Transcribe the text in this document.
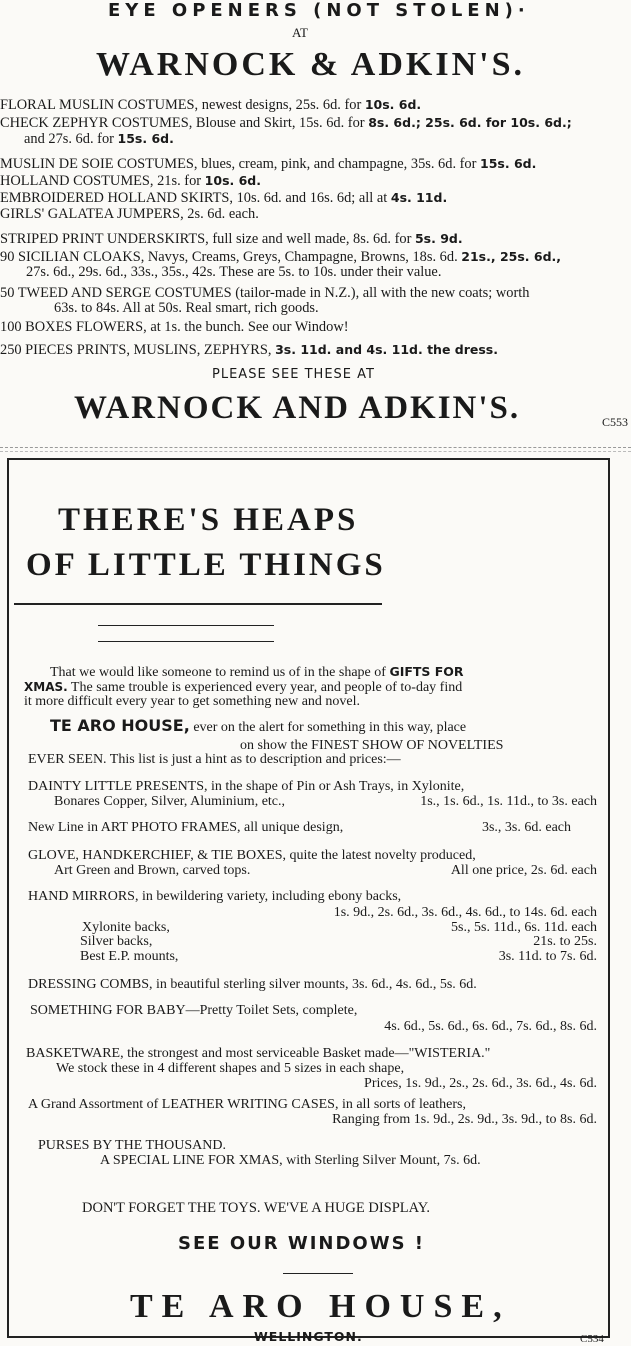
EYE OPENERS (NOT STOLEN)·
AT
WARNOCK & ADKIN'S.
FLORAL MUSLIN COSTUMES, newest designs, 25s. 6d. for 10s. 6d.
CHECK ZEPHYR COSTUMES, Blouse and Skirt, 15s. 6d. for 8s. 6d.; 25s. 6d. for 10s. 6d.;
and 27s. 6d. for 15s. 6d.
MUSLIN DE SOIE COSTUMES, blues, cream, pink, and champagne, 35s. 6d. for 15s. 6d.
HOLLAND COSTUMES, 21s. for 10s. 6d.
EMBROIDERED HOLLAND SKIRTS, 10s. 6d. and 16s. 6d; all at 4s. 11d.
GIRLS' GALATEA JUMPERS, 2s. 6d. each.
STRIPED PRINT UNDERSKIRTS, full size and well made, 8s. 6d. for 5s. 9d.
90 SICILIAN CLOAKS, Navys, Creams, Greys, Champagne, Browns, 18s. 6d. 21s., 25s. 6d.,
27s. 6d., 29s. 6d., 33s., 35s., 42s. These are 5s. to 10s. under their value.
50 TWEED AND SERGE COSTUMES (tailor-made in N.Z.), all with the new coats; worth
63s. to 84s. All at 50s. Real smart, rich goods.
100 BOXES FLOWERS, at 1s. the bunch. See our Window!
250 PIECES PRINTS, MUSLINS, ZEPHYRS, 3s. 11d. and 4s. 11d. the dress.
PLEASE SEE THESE AT
WARNOCK AND ADKIN'S.	C553
THERE'S HEAPS
OF LITTLE THINGS
That we would like someone to remind us of in the shape of GIFTS FOR
XMAS. The same trouble is experienced every year, and people of to-day find
it more difficult every year to get something new and novel.
TE ARO HOUSE, ever on the alert for something in this way, place
on show the FINEST SHOW OF NOVELTIES
EVER SEEN. This list is just a hint as to description and prices:—
DAINTY LITTLE PRESENTS, in the shape of Pin or Ash Trays, in Xylonite,
Bonares Copper, Silver, Aluminium, etc.,	1s., 1s. 6d., 1s. 11d., to 3s. each
New Line in ART PHOTO FRAMES, all unique design,	3s., 3s. 6d. each
GLOVE, HANDKERCHIEF, & TIE BOXES, quite the latest novelty produced,
Art Green and Brown, carved tops.	All one price, 2s. 6d. each
HAND MIRRORS, in bewildering variety, including ebony backs,
1s. 9d., 2s. 6d., 3s. 6d., 4s. 6d., to 14s. 6d. each
Xylonite backs,	5s., 5s. 11d., 6s. 11d. each
Silver backs,	21s. to 25s.
Best E.P. mounts,	3s. 11d. to 7s. 6d.
DRESSING COMBS, in beautiful sterling silver mounts, 3s. 6d., 4s. 6d., 5s. 6d.
SOMETHING FOR BABY—Pretty Toilet Sets, complete,
4s. 6d., 5s. 6d., 6s. 6d., 7s. 6d., 8s. 6d.
BASKETWARE, the strongest and most serviceable Basket made—"WISTERIA."
We stock these in 4 different shapes and 5 sizes in each shape,
Prices, 1s. 9d., 2s., 2s. 6d., 3s. 6d., 4s. 6d.
A Grand Assortment of LEATHER WRITING CASES, in all sorts of leathers,
Ranging from 1s. 9d., 2s. 9d., 3s. 9d., to 8s. 6d.
PURSES BY THE THOUSAND.
A SPECIAL LINE FOR XMAS, with Sterling Silver Mount, 7s. 6d.
DON'T FORGET THE TOYS. WE'VE A HUGE DISPLAY.
SEE OUR WINDOWS !
TE ARO HOUSE,
WELLINGTON.	C534
